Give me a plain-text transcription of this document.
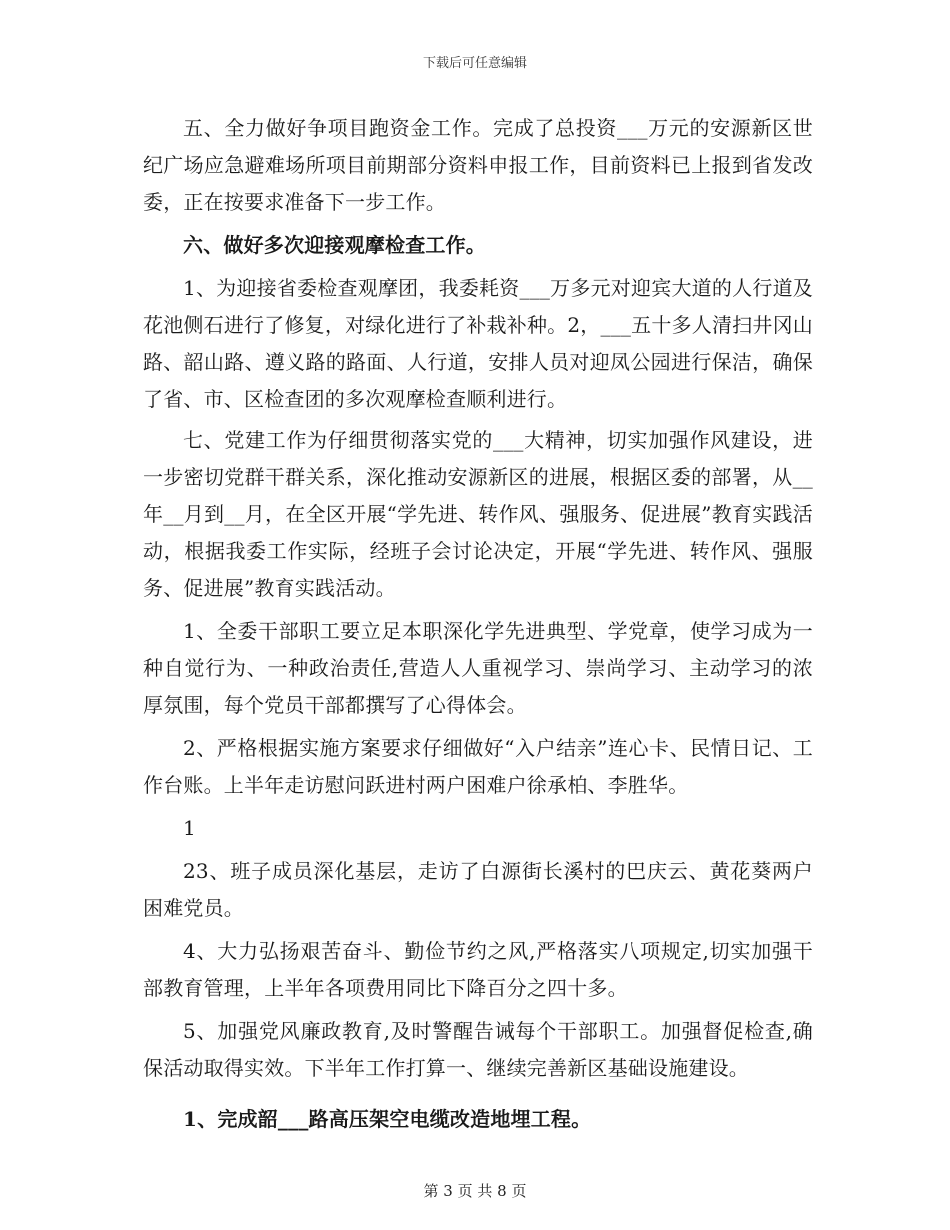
下载后可任意编辑

五、全力做好争项目跑资金工作。完成了总投资___万元的安源新区世纪广场应急避难场所项目前期部分资料申报工作，目前资料已上报到省发改委，正在按要求准备下一步工作。

六、做好多次迎接观摩检查工作。

1、为迎接省委检查观摩团，我委耗资___万多元对迎宾大道的人行道及花池侧石进行了修复，对绿化进行了补栽补种。2，___五十多人清扫井冈山路、韶山路、遵义路的路面、人行道，安排人员对迎凤公园进行保洁，确保了省、市、区检查团的多次观摩检查顺利进行。

七、党建工作为仔细贯彻落实党的___大精神，切实加强作风建设，进一步密切党群干群关系，深化推动安源新区的进展，根据区委的部署，从__年__月到__月，在全区开展“学先进、转作风、强服务、促进展”教育实践活动，根据我委工作实际，经班子会讨论决定，开展“学先进、转作风、强服务、促进展”教育实践活动。

1、全委干部职工要立足本职深化学先进典型、学党章，使学习成为一种自觉行为、一种政治责任,营造人人重视学习、崇尚学习、主动学习的浓厚氛围，每个党员干部都撰写了心得体会。

2、严格根据实施方案要求仔细做好“入户结亲”连心卡、民情日记、工作台账。上半年走访慰问跃进村两户困难户徐承柏、李胜华。

1

23、班子成员深化基层，走访了白源街长溪村的巴庆云、黄花葵两户困难党员。

4、大力弘扬艰苦奋斗、勤俭节约之风,严格落实八项规定,切实加强干部教育管理，上半年各项费用同比下降百分之四十多。

5、加强党风廉政教育,及时警醒告诫每个干部职工。加强督促检查,确保活动取得实效。下半年工作打算一、继续完善新区基础设施建设。

1、完成韶___路高压架空电缆改造地埋工程。

第 3 页 共 8 页
